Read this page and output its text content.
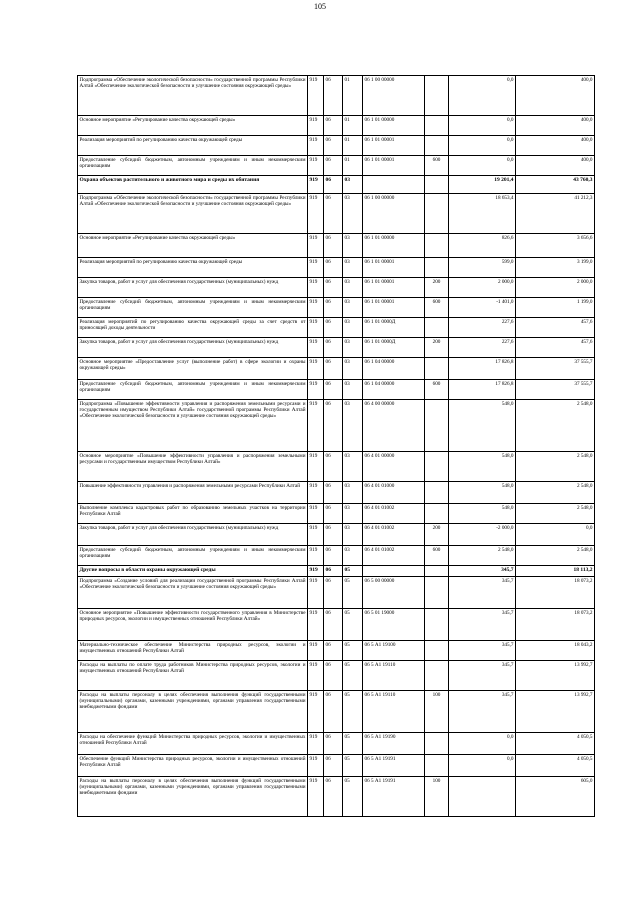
105
Подпрограмма «Обеспечение экологической безопасности» государственной программы Республики Алтай «Обеспечение экологической безопасности и улучшение состояния окружающей среды»	919	06	01	06 1 00 00000		0,0	400,0
Основное мероприятие «Регулирование качества окружающей среды»	919	06	01	06 1 01 00000		0,0	400,0
Реализация мероприятий по регулированию качества окружающей среды	919	06	01	06 1 01 00001		0,0	400,0
Предоставление субсидий бюджетным, автономным учреждениям и иным некоммерческим организациям	919	06	01	06 1 01 00001	600	0,0	400,0
Охрана объектов растительного и животного мира и среды их обитания	919	06	03			19 201,4	43 760,3
Подпрограмма «Обеспечение экологической безопасности» государственной программы Республики Алтай «Обеспечение экологической безопасности и улучшение состояния окружающей среды»	919	06	03	06 1 00 00000		18 653,4	41 212,3
Основное мероприятие «Регулирование качества окружающей среды»	919	06	03	06 1 01 00000		826,6	3 656,6
Реализация мероприятий по регулированию качества окружающей среды	919	06	03	06 1 01 00001		599,0	3 199,0
Закупка товаров, работ и услуг для обеспечения государственных (муниципальных) нужд	919	06	03	06 1 01 00001	200	2 000,0	2 000,0
Предоставление субсидий бюджетным, автономным учреждениям и иным некоммерческим организациям	919	06	03	06 1 01 00001	600	-1 401,0	1 199,0
Реализация мероприятий по регулированию качества окружающей среды за счет средств от приносящей доходы деятельности	919	06	03	06 1 01 0000Д		227,6	457,6
Закупка товаров, работ и услуг для обеспечения государственных (муниципальных) нужд	919	06	03	06 1 01 0000Д	200	227,6	457,6
Основное мероприятие «Предоставление услуг (выполнение работ) в сфере экологии и охраны окружающей среды»	919	06	03	06 1 04 00000		17 826,8	37 555,7
Предоставление субсидий бюджетным, автономным учреждениям и иным некоммерческим организациям	919	06	03	06 1 04 00000	600	17 826,8	37 555,7
Подпрограмма «Повышение эффективности управления и распоряжения земельными ресурсами и государственным имуществом Республики Алтай» государственной программы Республики Алтай «Обеспечение экологической безопасности и улучшение состояния окружающей среды»	919	06	03	06 4 00 00000		548,0	2 548,0
Основное мероприятие «Повышение эффективности управления и распоряжения земельными ресурсами и государственным имуществом Республики Алтай»	919	06	03	06 4 01 00000		548,0	2 548,0
Повышение эффективности управления и распоряжения земельными ресурсами Республики Алтай	919	06	03	06 4 01 01000		548,0	2 548,0
Выполнение комплекса кадастровых работ по образованию земельных участков на территории Республики Алтай	919	06	03	06 4 01 01002		548,0	2 548,0
Закупка товаров, работ и услуг для обеспечения государственных (муниципальных) нужд	919	06	03	06 4 01 01002	200	-2 000,0	0,0
Предоставление субсидий бюджетным, автономным учреждениям и иным некоммерческим организациям	919	06	03	06 4 01 01002	600	2 548,0	2 548,0
Другие вопросы в области охраны окружающей среды	919	06	05			345,7	18 113,2
Подпрограмма «Создание условий для реализации государственной программы Республики Алтай «Обеспечение экологической безопасности и улучшение состояния окружающей среды»	919	06	05	06 5 00 00000		345,7	18 073,2
Основное мероприятие «Повышение эффективности государственного управления в Министерстве природных ресурсов, экологии и имущественных отношений Республики Алтай»	919	06	05	06 5 01 19000		345,7	18 073,2
Материально-техническое обеспечение Министерства природных ресурсов, экологии и имущественных отношений Республики Алтай	919	06	05	06 5 А1 19100		345,7	18 043,2
Расходы на выплаты по оплате труда работников Министерства природных ресурсов, экологии и имущественных отношений Республики Алтай	919	06	05	06 5 А1 19110		345,7	13 992,7
Расходы на выплаты персоналу в целях обеспечения выполнения функций государственными (муниципальными) органами, казенными учреждениями, органами управления государственными внебюджетными фондами	919	06	05	06 5 А1 19110	100	345,7	13 992,7
Расходы на обеспечение функций Министерства природных ресурсов, экологии и имущественных отношений Республики Алтай	919	06	05	06 5 А1 19190		0,0	4 050,5
Обеспечение функций Министерства природных ресурсов, экологии и имущественных отношений Республики Алтай	919	06	05	06 5 А1 19191		0,0	4 050,5
Расходы на выплаты персоналу в целях обеспечения выполнения функций государственными (муниципальными) органами, казенными учреждениями, органами управления государственными внебюджетными фондами	919	06	05	06 5 А1 19191	100		605,0
